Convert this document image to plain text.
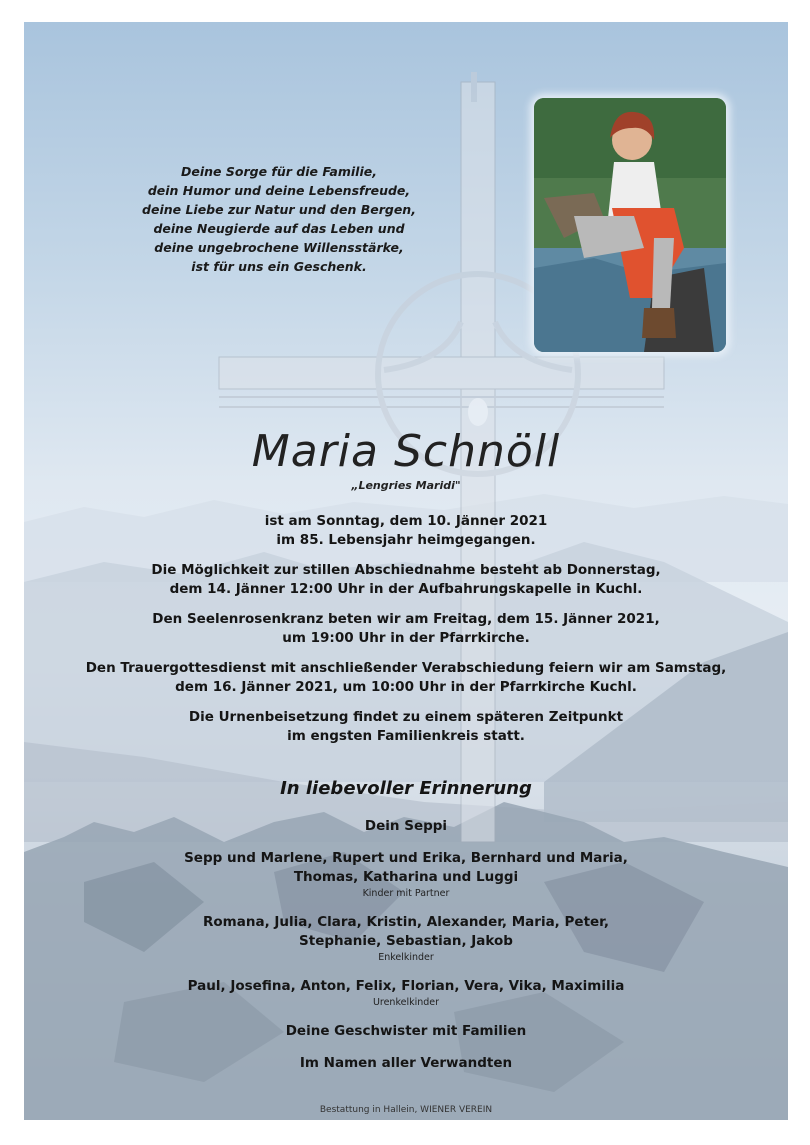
Deine Sorge für die Familie,
dein Humor und deine Lebensfreude,
deine Liebe zur Natur und den Bergen,
deine Neugierde auf das Leben und
deine ungebrochene Willensstärke,
ist für uns ein Geschenk.
Maria Schnöll
„Lengries Maridi"
ist am Sonntag, dem 10. Jänner 2021
im 85. Lebensjahr heimgegangen.
Die Möglichkeit zur stillen Abschiednahme besteht ab Donnerstag,
dem 14. Jänner 12:00 Uhr in der Aufbahrungskapelle in Kuchl.
Den Seelenrosenkranz beten wir am Freitag, dem 15. Jänner 2021,
um 19:00 Uhr in der Pfarrkirche.
Den Trauergottesdienst mit anschließender Verabschiedung feiern wir am Samstag,
dem 16. Jänner 2021, um 10:00 Uhr in der Pfarrkirche Kuchl.
Die Urnenbeisetzung findet zu einem späteren Zeitpunkt
im engsten Familienkreis statt.
In liebevoller Erinnerung
Dein Seppi
Sepp und Marlene, Rupert und Erika, Bernhard und Maria,
Thomas, Katharina und Luggi
Kinder mit Partner
Romana, Julia, Clara, Kristin, Alexander, Maria, Peter,
Stephanie, Sebastian, Jakob
Enkelkinder
Paul, Josefina, Anton, Felix, Florian, Vera, Vika, Maximilia
Urenkelkinder
Deine Geschwister mit Familien
Im Namen aller Verwandten
Bestattung in Hallein, WIENER VEREIN
